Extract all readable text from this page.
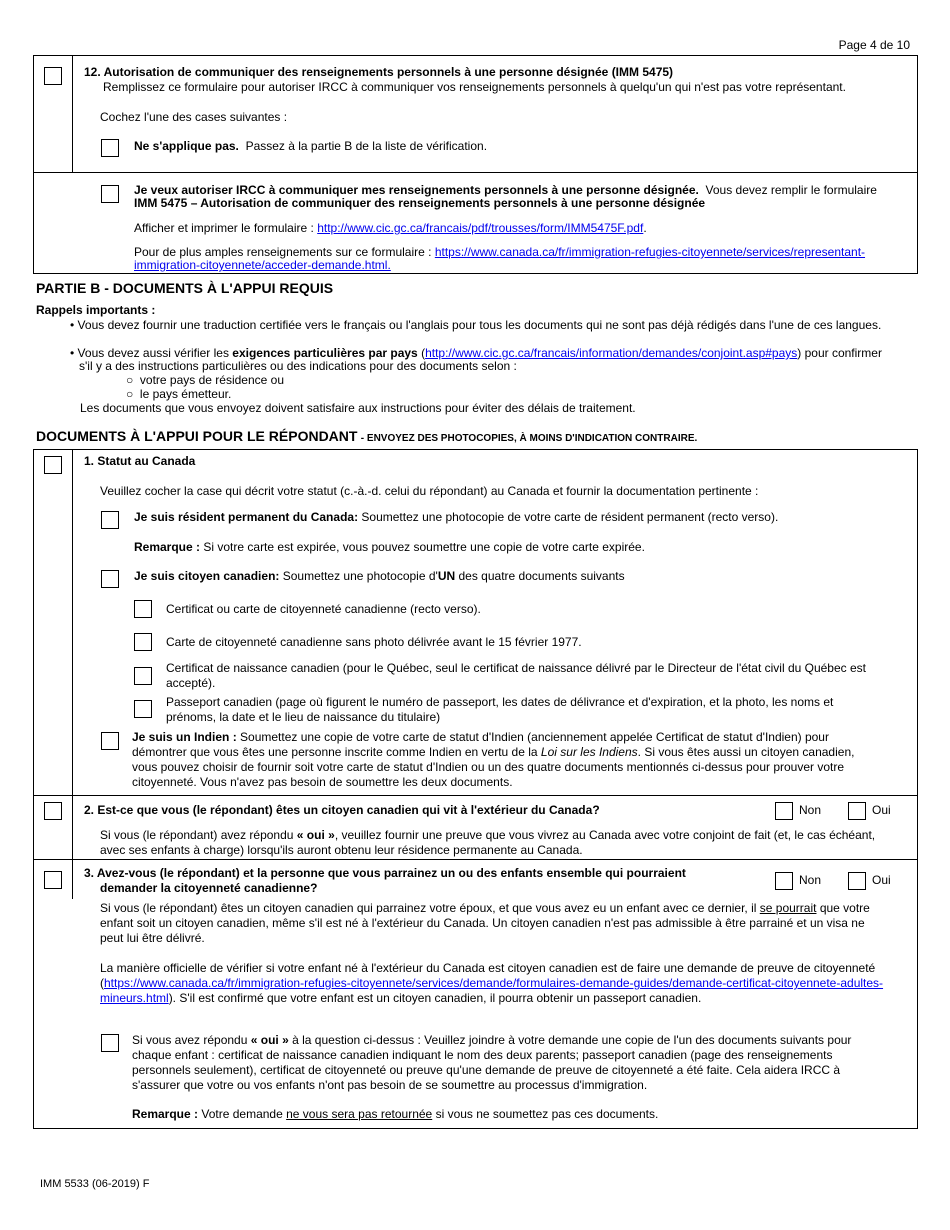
Page 4 de 10
12. Autorisation de communiquer des renseignements personnels à une personne désignée (IMM 5475)
Remplissez ce formulaire pour autoriser IRCC à communiquer vos renseignements personnels à quelqu'un qui n'est pas votre représentant.
Cochez l'une des cases suivantes :
Ne s'applique pas. Passez à la partie B de la liste de vérification.
Je veux autoriser IRCC à communiquer mes renseignements personnels à une personne désignée. Vous devez remplir le formulaire
IMM 5475 – Autorisation de communiquer des renseignements personnels à une personne désignée
Afficher et imprimer le formulaire : http://www.cic.gc.ca/francais/pdf/trousses/form/IMM5475F.pdf.
Pour de plus amples renseignements sur ce formulaire : https://www.canada.ca/fr/immigration-refugies-citoyennete/services/representant-
immigration-citoyennete/acceder-demande.html.
PARTIE B - DOCUMENTS À L'APPUI REQUIS
Rappels importants :
• Vous devez fournir une traduction certifiée vers le français ou l'anglais pour tous les documents qui ne sont pas déjà rédigés dans l'une de ces langues.
• Vous devez aussi vérifier les exigences particulières par pays (http://www.cic.gc.ca/francais/information/demandes/conjoint.asp#pays) pour confirmer
s'il y a des instructions particulières ou des indications pour des documents selon :
○  votre pays de résidence ou
○  le pays émetteur.
Les documents que vous envoyez doivent satisfaire aux instructions pour éviter des délais de traitement.
DOCUMENTS À L'APPUI POUR LE RÉPONDANT - ENVOYEZ DES PHOTOCOPIES, À MOINS D'INDICATION CONTRAIRE.
1. Statut au Canada
Veuillez cocher la case qui décrit votre statut (c.-à.-d. celui du répondant) au Canada et fournir la documentation pertinente :
Je suis résident permanent du Canada: Soumettez une photocopie de votre carte de résident permanent (recto verso).
Remarque : Si votre carte est expirée, vous pouvez soumettre une copie de votre carte expirée.
Je suis citoyen canadien: Soumettez une photocopie d'UN des quatre documents suivants
Certificat ou carte de citoyenneté canadienne (recto verso).
Carte de citoyenneté canadienne sans photo délivrée avant le 15 février 1977.
Certificat de naissance canadien (pour le Québec, seul le certificat de naissance délivré par le Directeur de l'état civil du Québec est
accepté).
Passeport canadien (page où figurent le numéro de passeport, les dates de délivrance et d'expiration, et la photo, les noms et
prénoms, la date et le lieu de naissance du titulaire)
Je suis un Indien : Soumettez une copie de votre carte de statut d'Indien (anciennement appelée Certificat de statut d'Indien) pour
démontrer que vous êtes une personne inscrite comme Indien en vertu de la Loi sur les Indiens. Si vous êtes aussi un citoyen canadien,
vous pouvez choisir de fournir soit votre carte de statut d'Indien ou un des quatre documents mentionnés ci-dessus pour prouver votre
citoyenneté. Vous n'avez pas besoin de soumettre les deux documents.
2. Est-ce que vous (le répondant) êtes un citoyen canadien qui vit à l'extérieur du Canada?	Non	Oui
Si vous (le répondant) avez répondu « oui », veuillez fournir une preuve que vous vivrez au Canada avec votre conjoint de fait (et, le cas échéant,
avec ses enfants à charge) lorsqu'ils auront obtenu leur résidence permanente au Canada.
3. Avez-vous (le répondant) et la personne que vous parrainez un ou des enfants ensemble qui pourraient
demander la citoyenneté canadienne?
Non	Oui
Si vous (le répondant) êtes un citoyen canadien qui parrainez votre époux, et que vous avez eu un enfant avec ce dernier, il se pourrait que votre
enfant soit un citoyen canadien, même s'il est né à l'extérieur du Canada. Un citoyen canadien n'est pas admissible à être parrainé et un visa ne
peut lui être délivré.
La manière officielle de vérifier si votre enfant né à l'extérieur du Canada est citoyen canadien est de faire une demande de preuve de citoyenneté
(https://www.canada.ca/fr/immigration-refugies-citoyennete/services/demande/formulaires-demande-guides/demande-certificat-citoyennete-adultes-
mineurs.html). S'il est confirmé que votre enfant est un citoyen canadien, il pourra obtenir un passeport canadien.
Si vous avez répondu « oui » à la question ci-dessus : Veuillez joindre à votre demande une copie de l'un des documents suivants pour
chaque enfant : certificat de naissance canadien indiquant le nom des deux parents; passeport canadien (page des renseignements
personnels seulement), certificat de citoyenneté ou preuve qu'une demande de preuve de citoyenneté a été faite. Cela aidera IRCC à
s'assurer que votre ou vos enfants n'ont pas besoin de se soumettre au processus d'immigration.
Remarque : Votre demande ne vous sera pas retournée si vous ne soumettez pas ces documents.
IMM 5533 (06-2019) F
